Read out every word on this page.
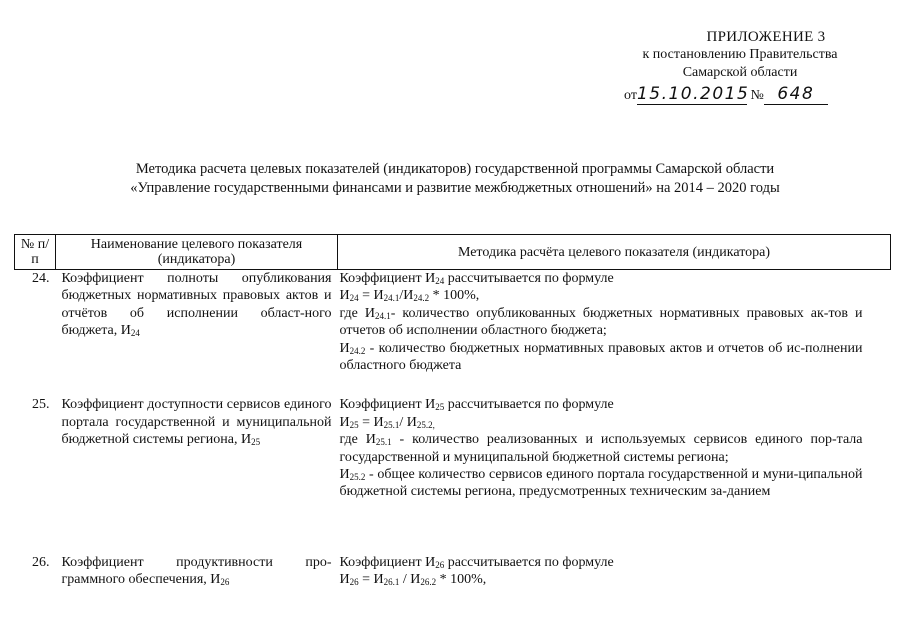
ПРИЛОЖЕНИЕ 3
к постановлению Правительства
Самарской области
от15.10.2015 № 648
Методика расчета целевых показателей (индикаторов) государственной программы Самарской области
«Управление государственными финансами и развитие межбюджетных отношений» на 2014 – 2020 годы
№ п/п	Наименование целевого показателя (индикатора)	Методика расчёта целевого показателя (индикатора)
24.	Коэффициент полноты опубликования бюджетных нормативных правовых актов и отчётов об исполнении област-ного бюджета, $И_{24}$	Коэффициент $И_{24}$ рассчитывается по формуле

$И_{24} = И_{24.1}/И_{24.2} * 100\%$,

где $И_{24.1}-$ количество опубликованных бюджетных нормативных правовых ак-тов и отчетов об исполнении областного бюджета;

$И_{24.2}$ - количество бюджетных нормативных правовых актов и отчетов об ис-полнении областного бюджета

25.	Коэффициент доступности сервисов единого портала государственной и муниципальной бюджетной системы региона, $И_{25}$	Коэффициент $И_{25}$ рассчитывается по формуле

$И_{25} = И_{25.1}/$ $И_{25.2,}$

где $И_{25.1}$ - количество реализованных и используемых сервисов единого пор-тала государственной и муниципальной бюджетной системы региона;

$И_{25.2}$ - общее количество сервисов единого портала государственной и муни-ципальной бюджетной системы региона, предусмотренных техническим за-данием

26.	Коэффициент продуктивности про-граммного обеспечения, $И_{26}$	Коэффициент $И_{26}$ рассчитывается по формуле

$И_{26} = И_{26.1} / И_{26.2} * 100\%$,
